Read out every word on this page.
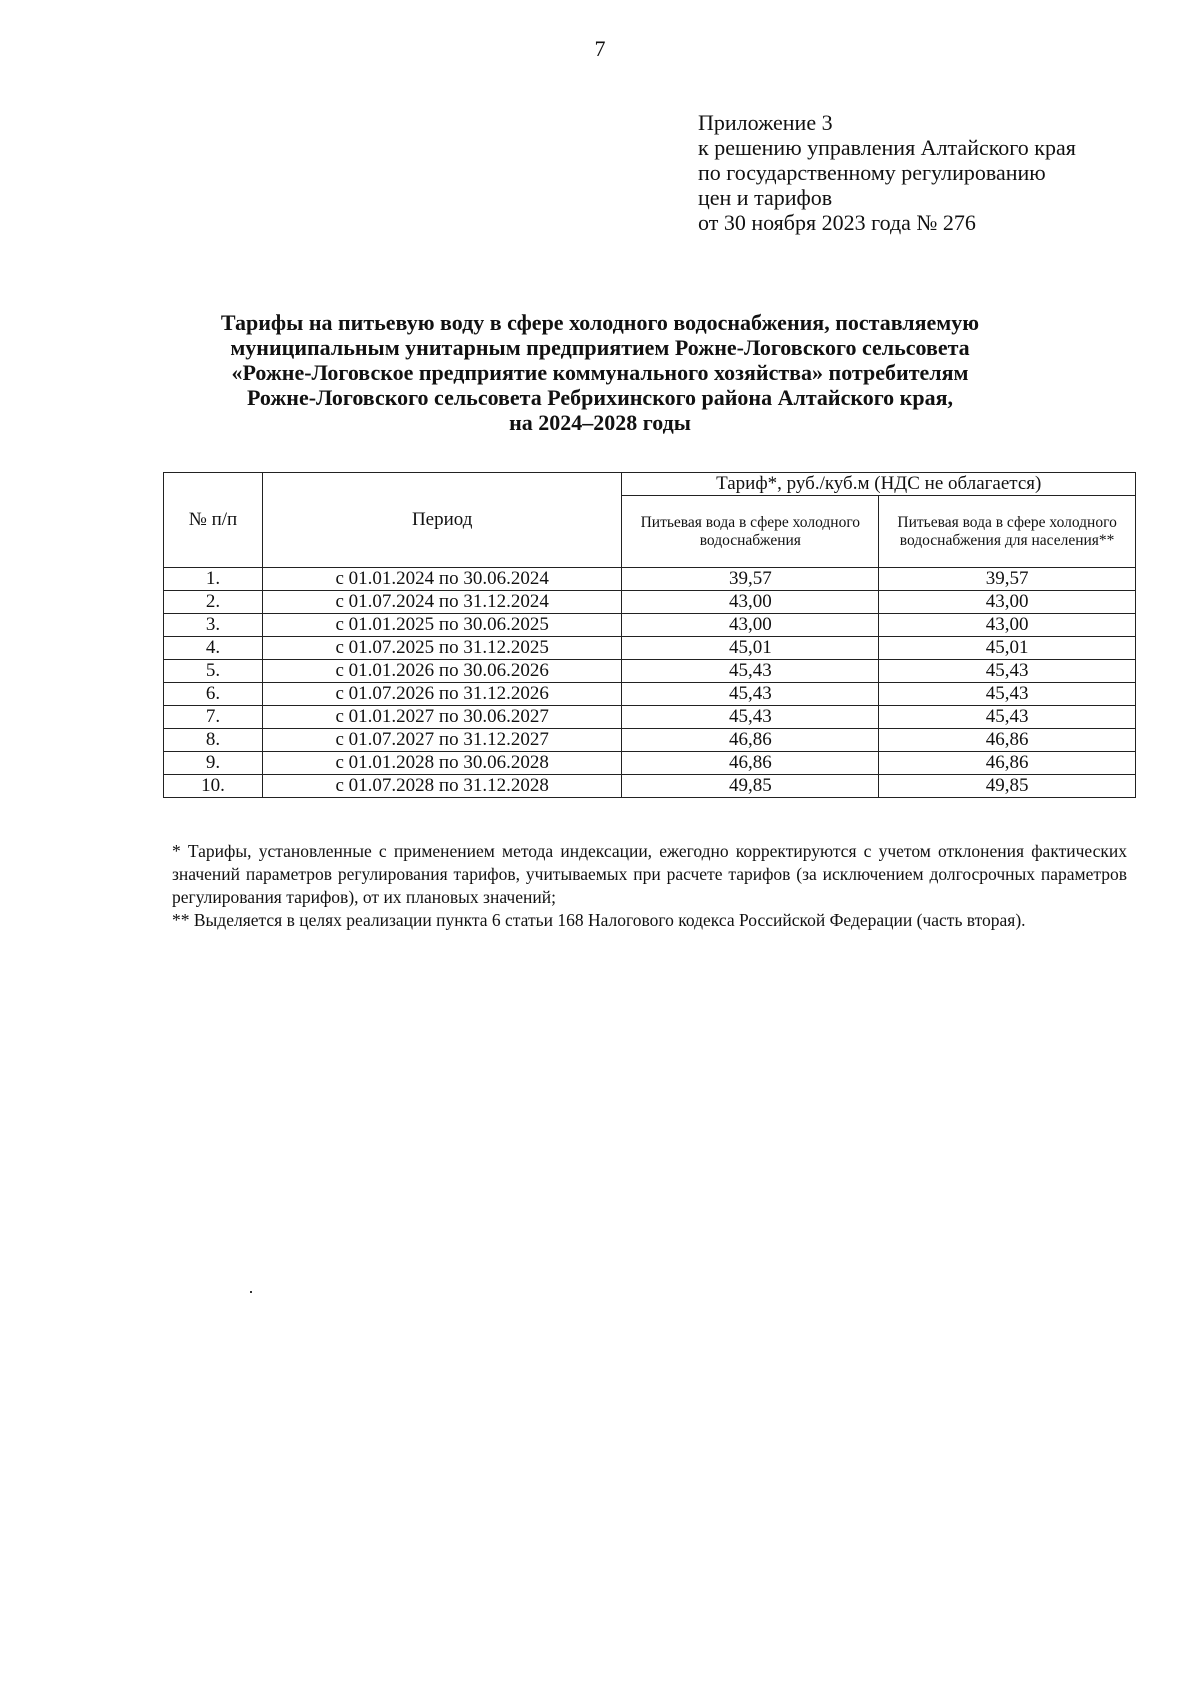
7
Приложение 3
к решению управления Алтайского края
по государственному регулированию
цен и тарифов
от 30 ноября 2023 года № 276
Тарифы на питьевую воду в сфере холодного водоснабжения, поставляемую
муниципальным унитарным предприятием Рожне-Логовского сельсовета
«Рожне-Логовское предприятие коммунального хозяйства» потребителям
Рожне-Логовского сельсовета Ребрихинского района Алтайского края,
на 2024–2028 годы
№ п/п	Период	Тариф*, руб./куб.м (НДС не облагается)	
		Питьевая вода в сфере холодного водоснабжения	Питьевая вода в сфере холодного водоснабжения для населения**
1.	с 01.01.2024 по 30.06.2024	39,57	39,57
2.	с 01.07.2024 по 31.12.2024	43,00	43,00
3.	с 01.01.2025 по 30.06.2025	43,00	43,00
4.	с 01.07.2025 по 31.12.2025	45,01	45,01
5.	с 01.01.2026 по 30.06.2026	45,43	45,43
6.	с 01.07.2026 по 31.12.2026	45,43	45,43
7.	с 01.01.2027 по 30.06.2027	45,43	45,43
8.	с 01.07.2027 по 31.12.2027	46,86	46,86
9.	с 01.01.2028 по 30.06.2028	46,86	46,86
10.	с 01.07.2028 по 31.12.2028	49,85	49,85

* Тарифы, установленные с применением метода индексации, ежегодно корректируются с учетом отклонения фактических значений параметров регулирования тарифов, учитываемых при расчете тарифов (за исключением долгосрочных параметров регулирования тарифов), от их плановых значений;

** Выделяется в целях реализации пункта 6 статьи 168 Налогового кодекса Российской Федерации (часть вторая).
